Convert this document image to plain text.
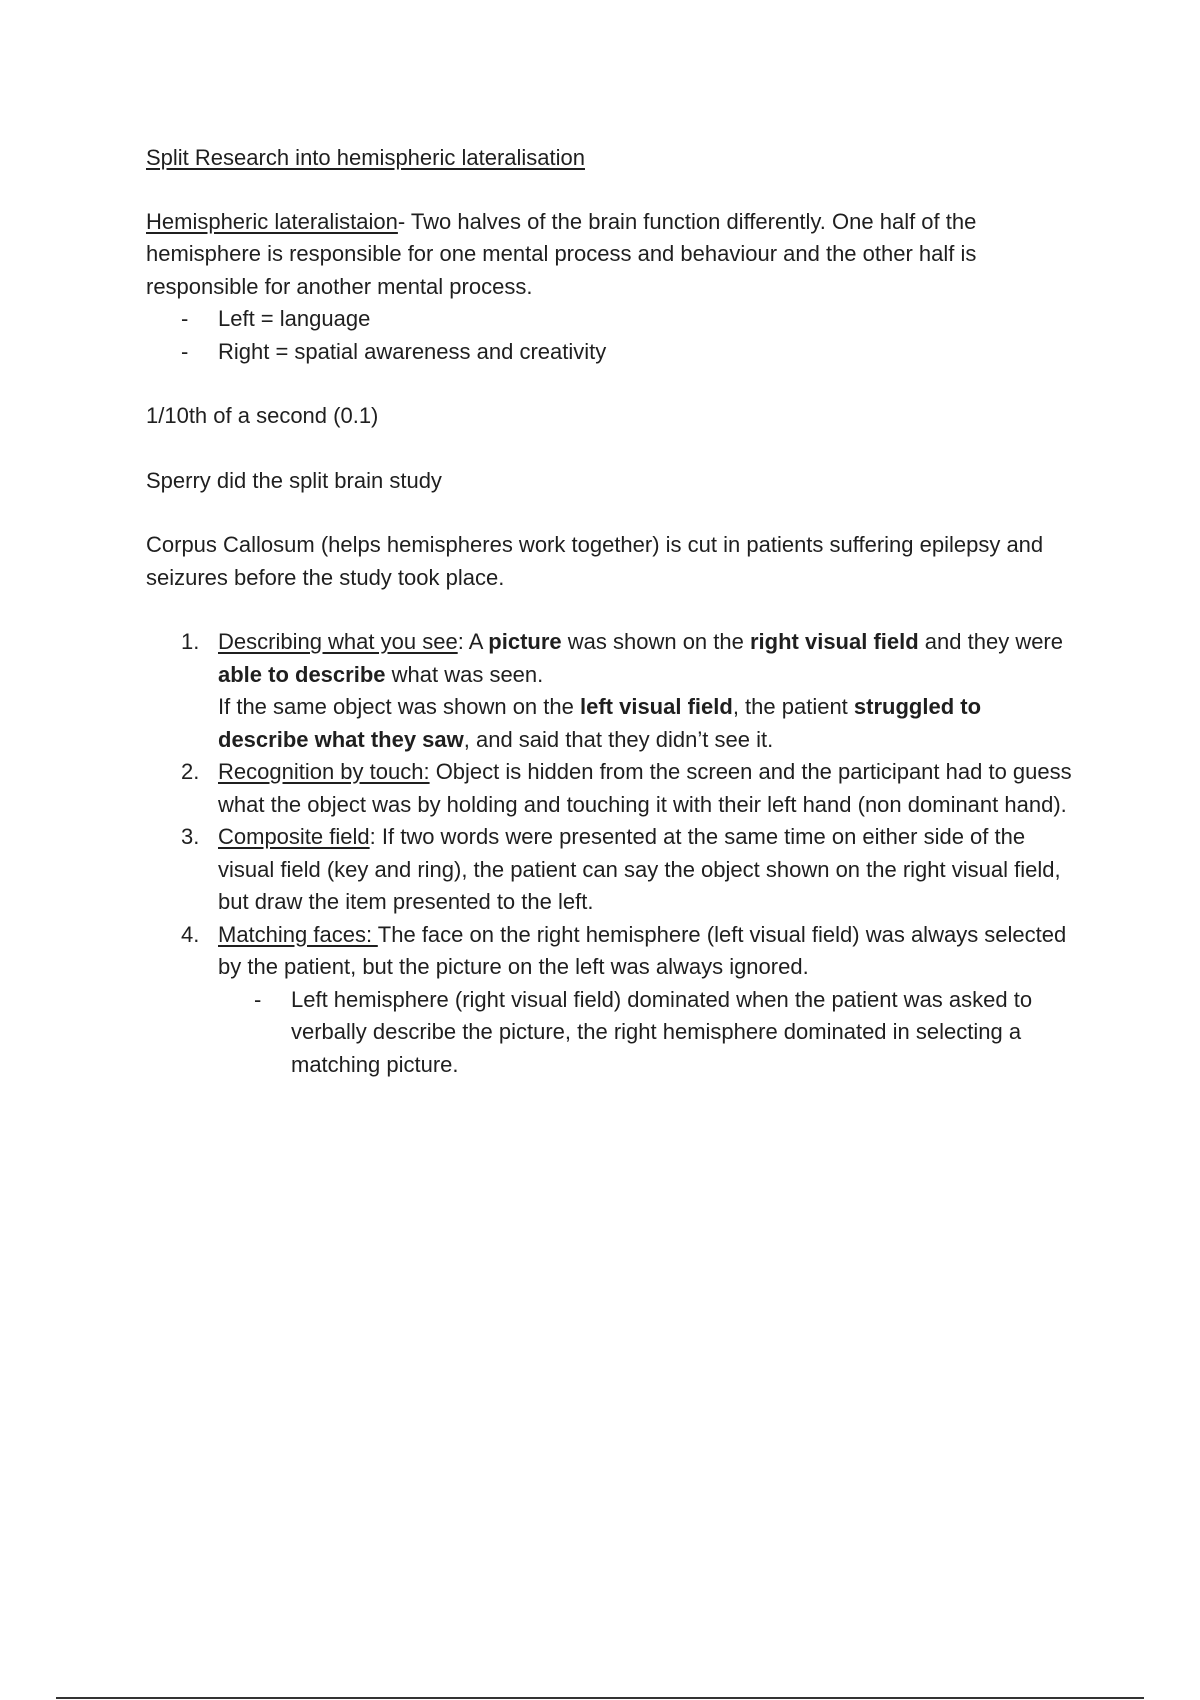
Split Research into hemispheric lateralisation

Hemispheric lateralistaion- Two halves of the brain function differently. One half of the hemisphere is responsible for one mental process and behaviour and the other half is responsible for another mental process.

- Left = language
- Right = spatial awareness and creativity

1/10th of a second (0.1)

Sperry did the split brain study

Corpus Callosum (helps hemispheres work together) is cut in patients suffering epilepsy and seizures before the study took place.

1. Describing what you see: A picture was shown on the right visual field and they were able to describe what was seen.
If the same object was shown on the left visual field, the patient struggled to describe what they saw, and said that they didn’t see it.
2. Recognition by touch: Object is hidden from the screen and the participant had to guess what the object was by holding and touching it with their left hand (non dominant hand).
3. Composite field: If two words were presented at the same time on either side of the visual field (key and ring), the patient can say the object shown on the right visual field, but draw the item presented to the left.
4. Matching faces: The face on the right hemisphere (left visual field) was always selected by the patient, but the picture on the left was always ignored.
- Left hemisphere (right visual field) dominated when the patient was asked to verbally describe the picture, the right hemisphere dominated in selecting a matching picture.
